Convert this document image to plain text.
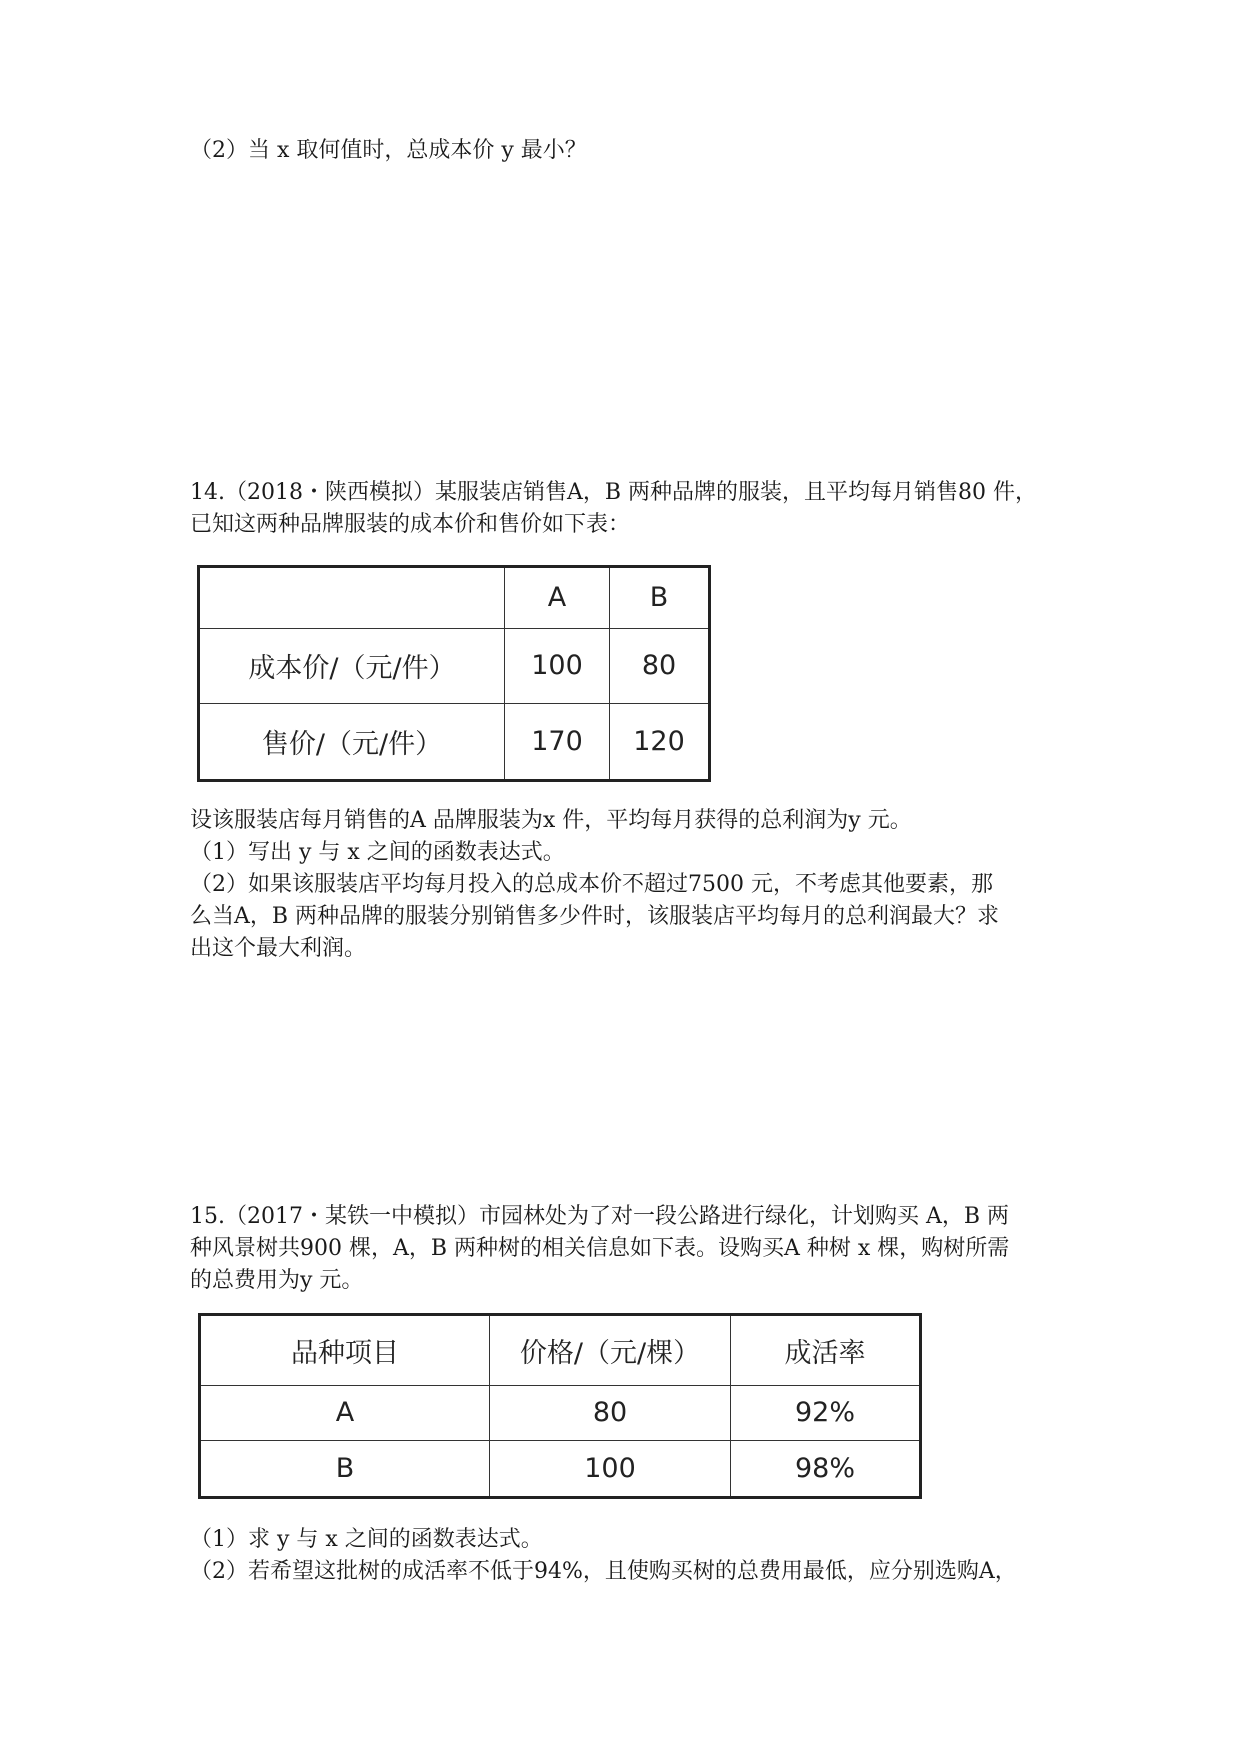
（2）当 x 取何值时，总成本价 y 最小？
14.（2018・陕西模拟）某服装店销售A，B 两种品牌的服装，且平均每月销售80 件，
已知这两种品牌服装的成本价和售价如下表：
	A	B
成本价/（元/件）	100	80
售价/（元/件）	170	120
设该服装店每月销售的A 品牌服装为x 件，平均每月获得的总利润为y 元。
（1）写出 y 与 x 之间的函数表达式。
（2）如果该服装店平均每月投入的总成本价不超过7500 元，不考虑其他要素，那
么当A，B 两种品牌的服装分别销售多少件时，该服装店平均每月的总利润最大？求
出这个最大利润。
15.（2017・某铁一中模拟）市园林处为了对一段公路进行绿化，计划购买 A，B 两
种风景树共900 棵，A，B 两种树的相关信息如下表。设购买A 种树 x 棵，购树所需
的总费用为y 元。
品种项目	价格/（元/棵）	成活率
A	80	92%
B	100	98%
（1）求 y 与 x 之间的函数表达式。
（2）若希望这批树的成活率不低于94%，且使购买树的总费用最低，应分别选购A，
